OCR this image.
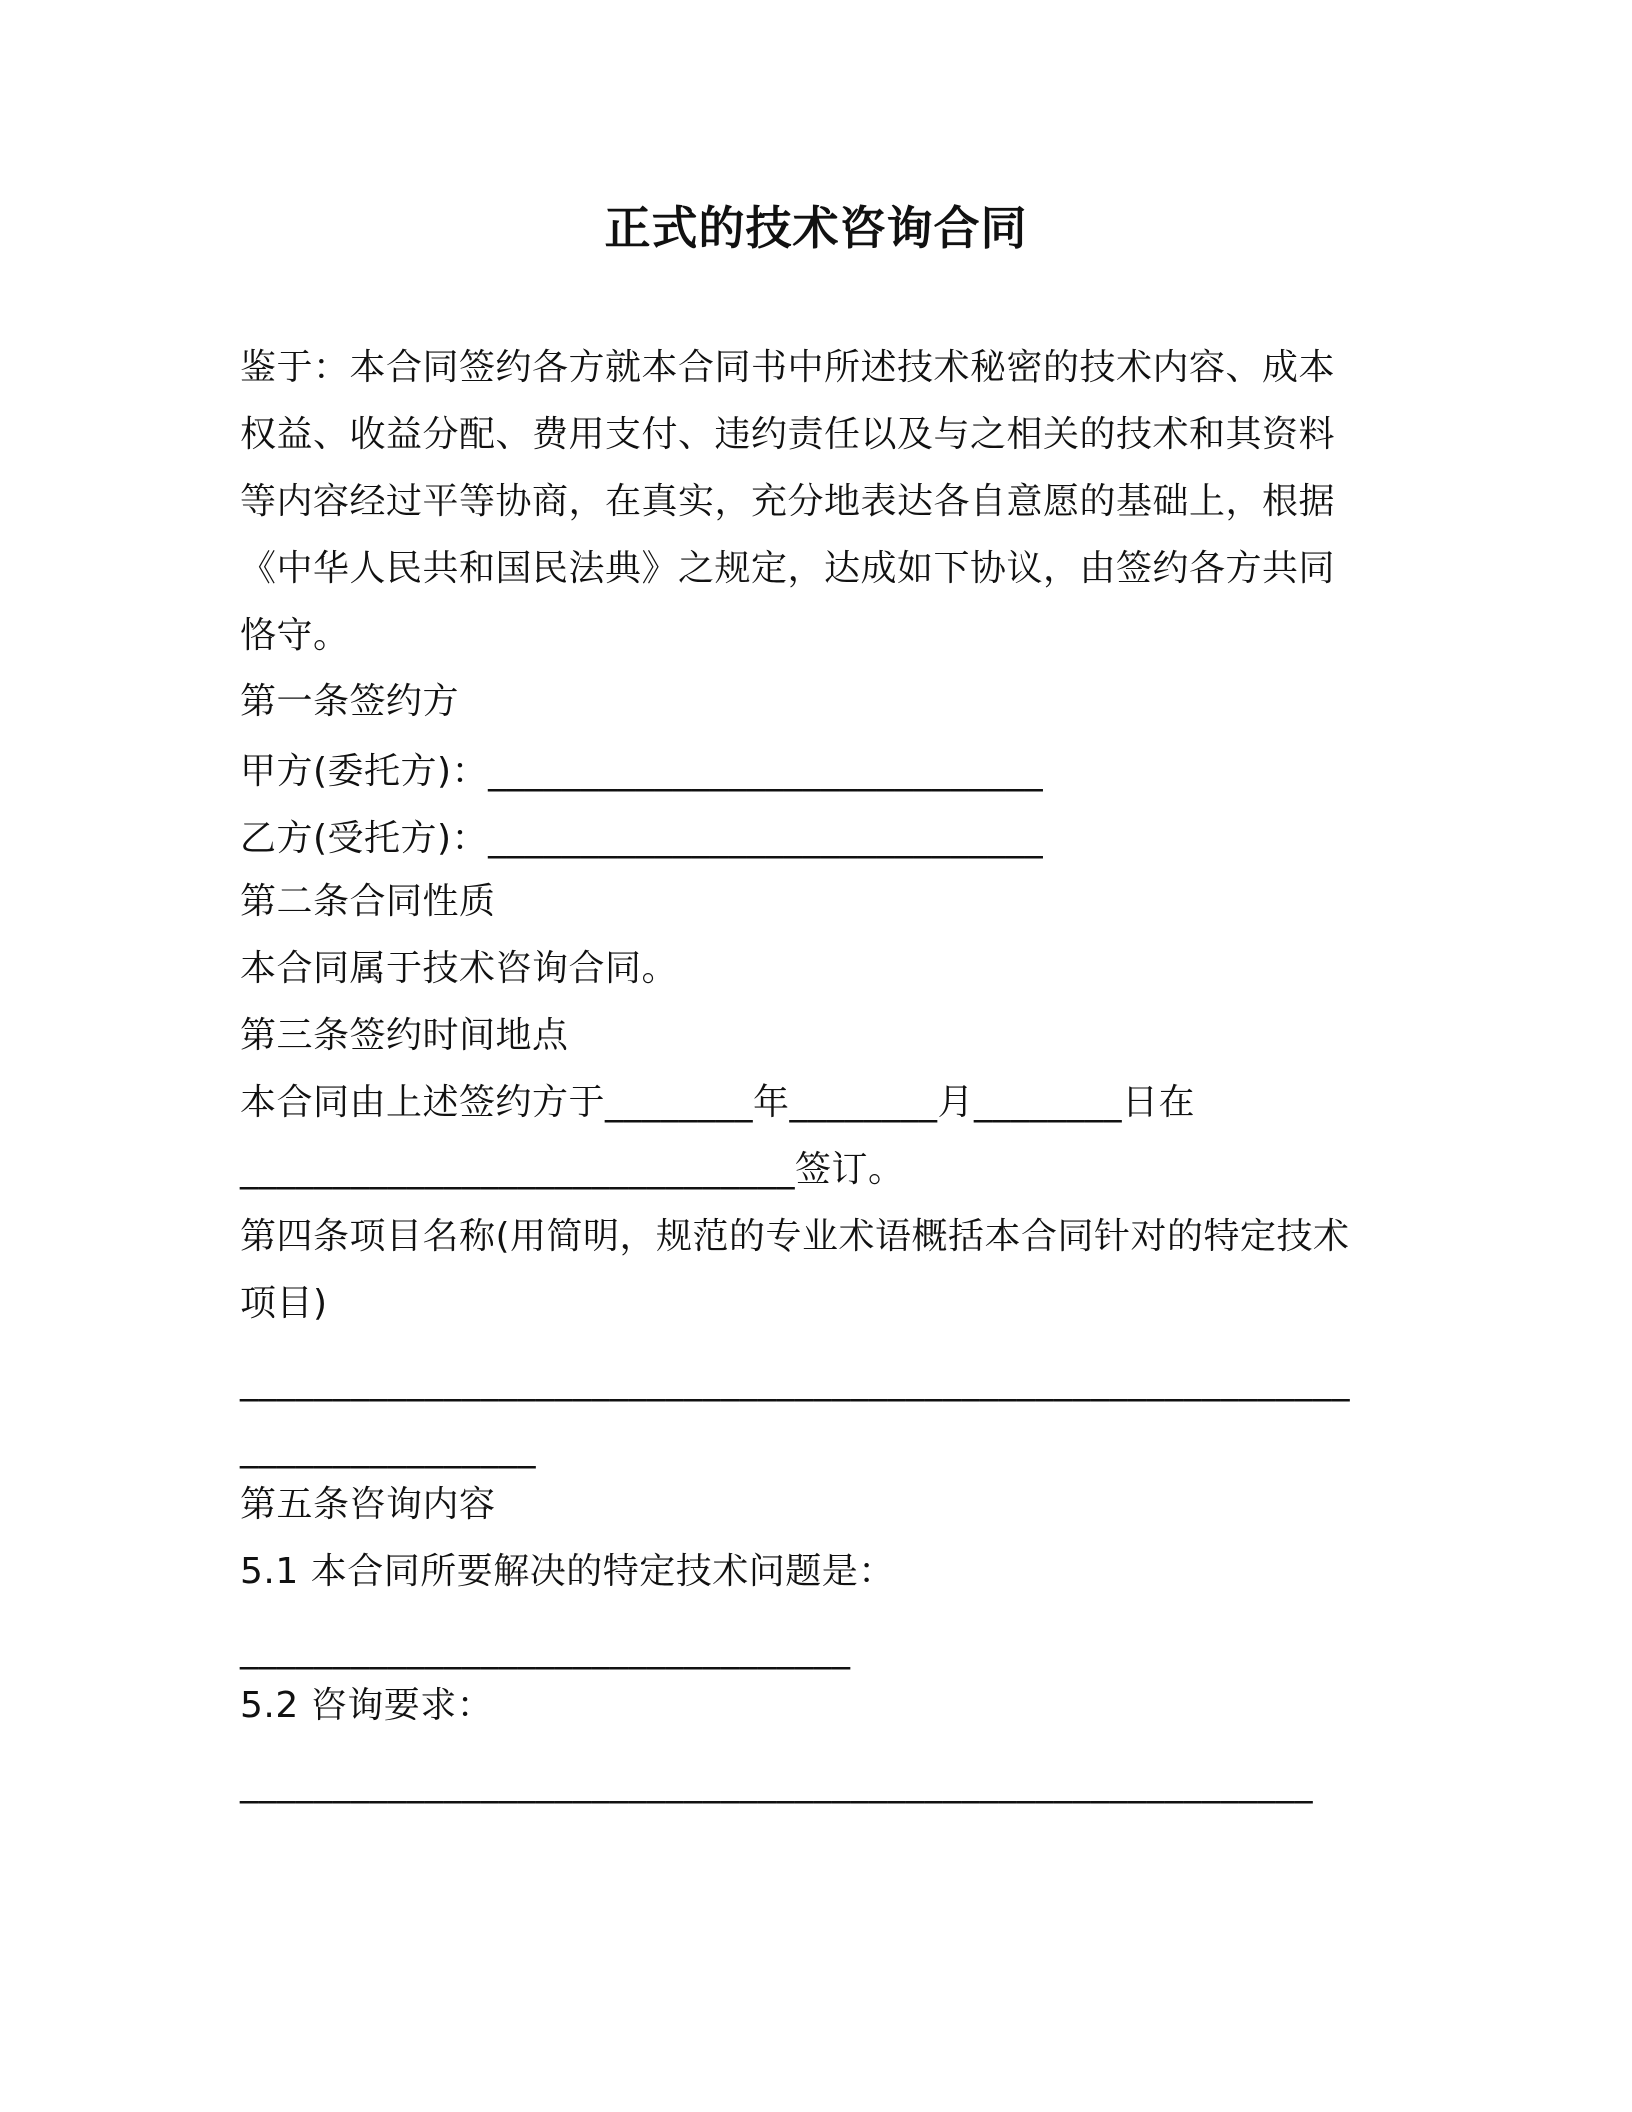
正式的技术咨询合同
鉴于：本合同签约各方就本合同书中所述技术秘密的技术内容、成本
权益、收益分配、费用支付、违约责任以及与之相关的技术和其资料
等内容经过平等协商，在真实，充分地表达各自意愿的基础上，根据
《中华人民共和国民法典》之规定，达成如下协议，由签约各方共同
恪守。
第一条签约方
甲方(委托方)：______________________________
乙方(受托方)：______________________________
第二条合同性质
本合同属于技术咨询合同。
第三条签约时间地点
本合同由上述签约方于________年________月________日在
______________________________签订。
第四条项目名称(用简明，规范的专业术语概括本合同针对的特定技术
项目)
____________________________________________________________
________________
第五条咨询内容
5.1 本合同所要解决的特定技术问题是：
_________________________________
5.2 咨询要求：
__________________________________________________________
